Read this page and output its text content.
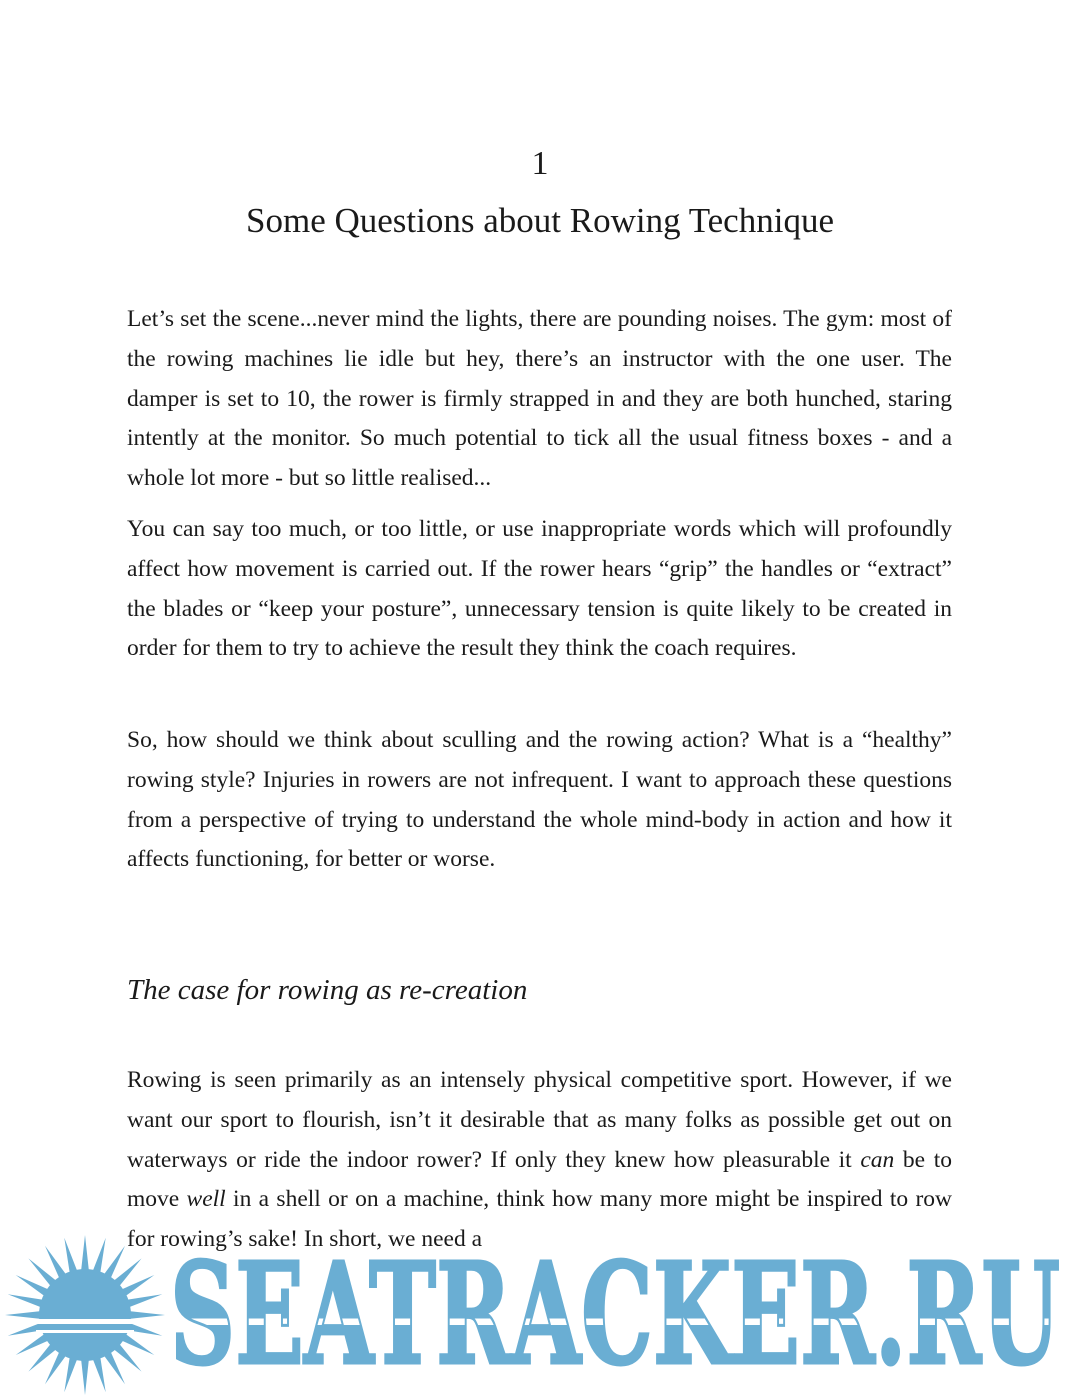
1
Some Questions about Rowing Technique

Let’s set the scene...never mind the lights, there are pounding noises. The gym: most of the rowing machines lie idle but hey, there’s an instructor with the one user. The damper is set to 10, the rower is firmly strapped in and they are both hunched, staring intently at the monitor. So much potential to tick all the usual fitness boxes - and a whole lot more - but so little realised...

You can say too much, or too little, or use inappropriate words which will profoundly affect how movement is carried out. If the rower hears “grip” the handles or “extract” the blades or “keep your posture”, unnecessary tension is quite likely to be created in order for them to try to achieve the result they think the coach requires.

So, how should we think about sculling and the rowing action? What is a “healthy” rowing style? Injuries in rowers are not infrequent. I want to approach these questions from a perspective of trying to understand the whole mind-body in action and how it affects functioning, for better or worse.

The case for rowing as re-creation

Rowing is seen primarily as an intensely physical competitive sport. However, if we want our sport to flourish, isn’t it desirable that as many folks as possible get out on waterways or ride the indoor rower? If only they knew how pleasurable it can be to move well in a shell or on a machine, think how many more might be inspired to row for rowing’s sake! In short, we need a

SEATRACKER.RU
